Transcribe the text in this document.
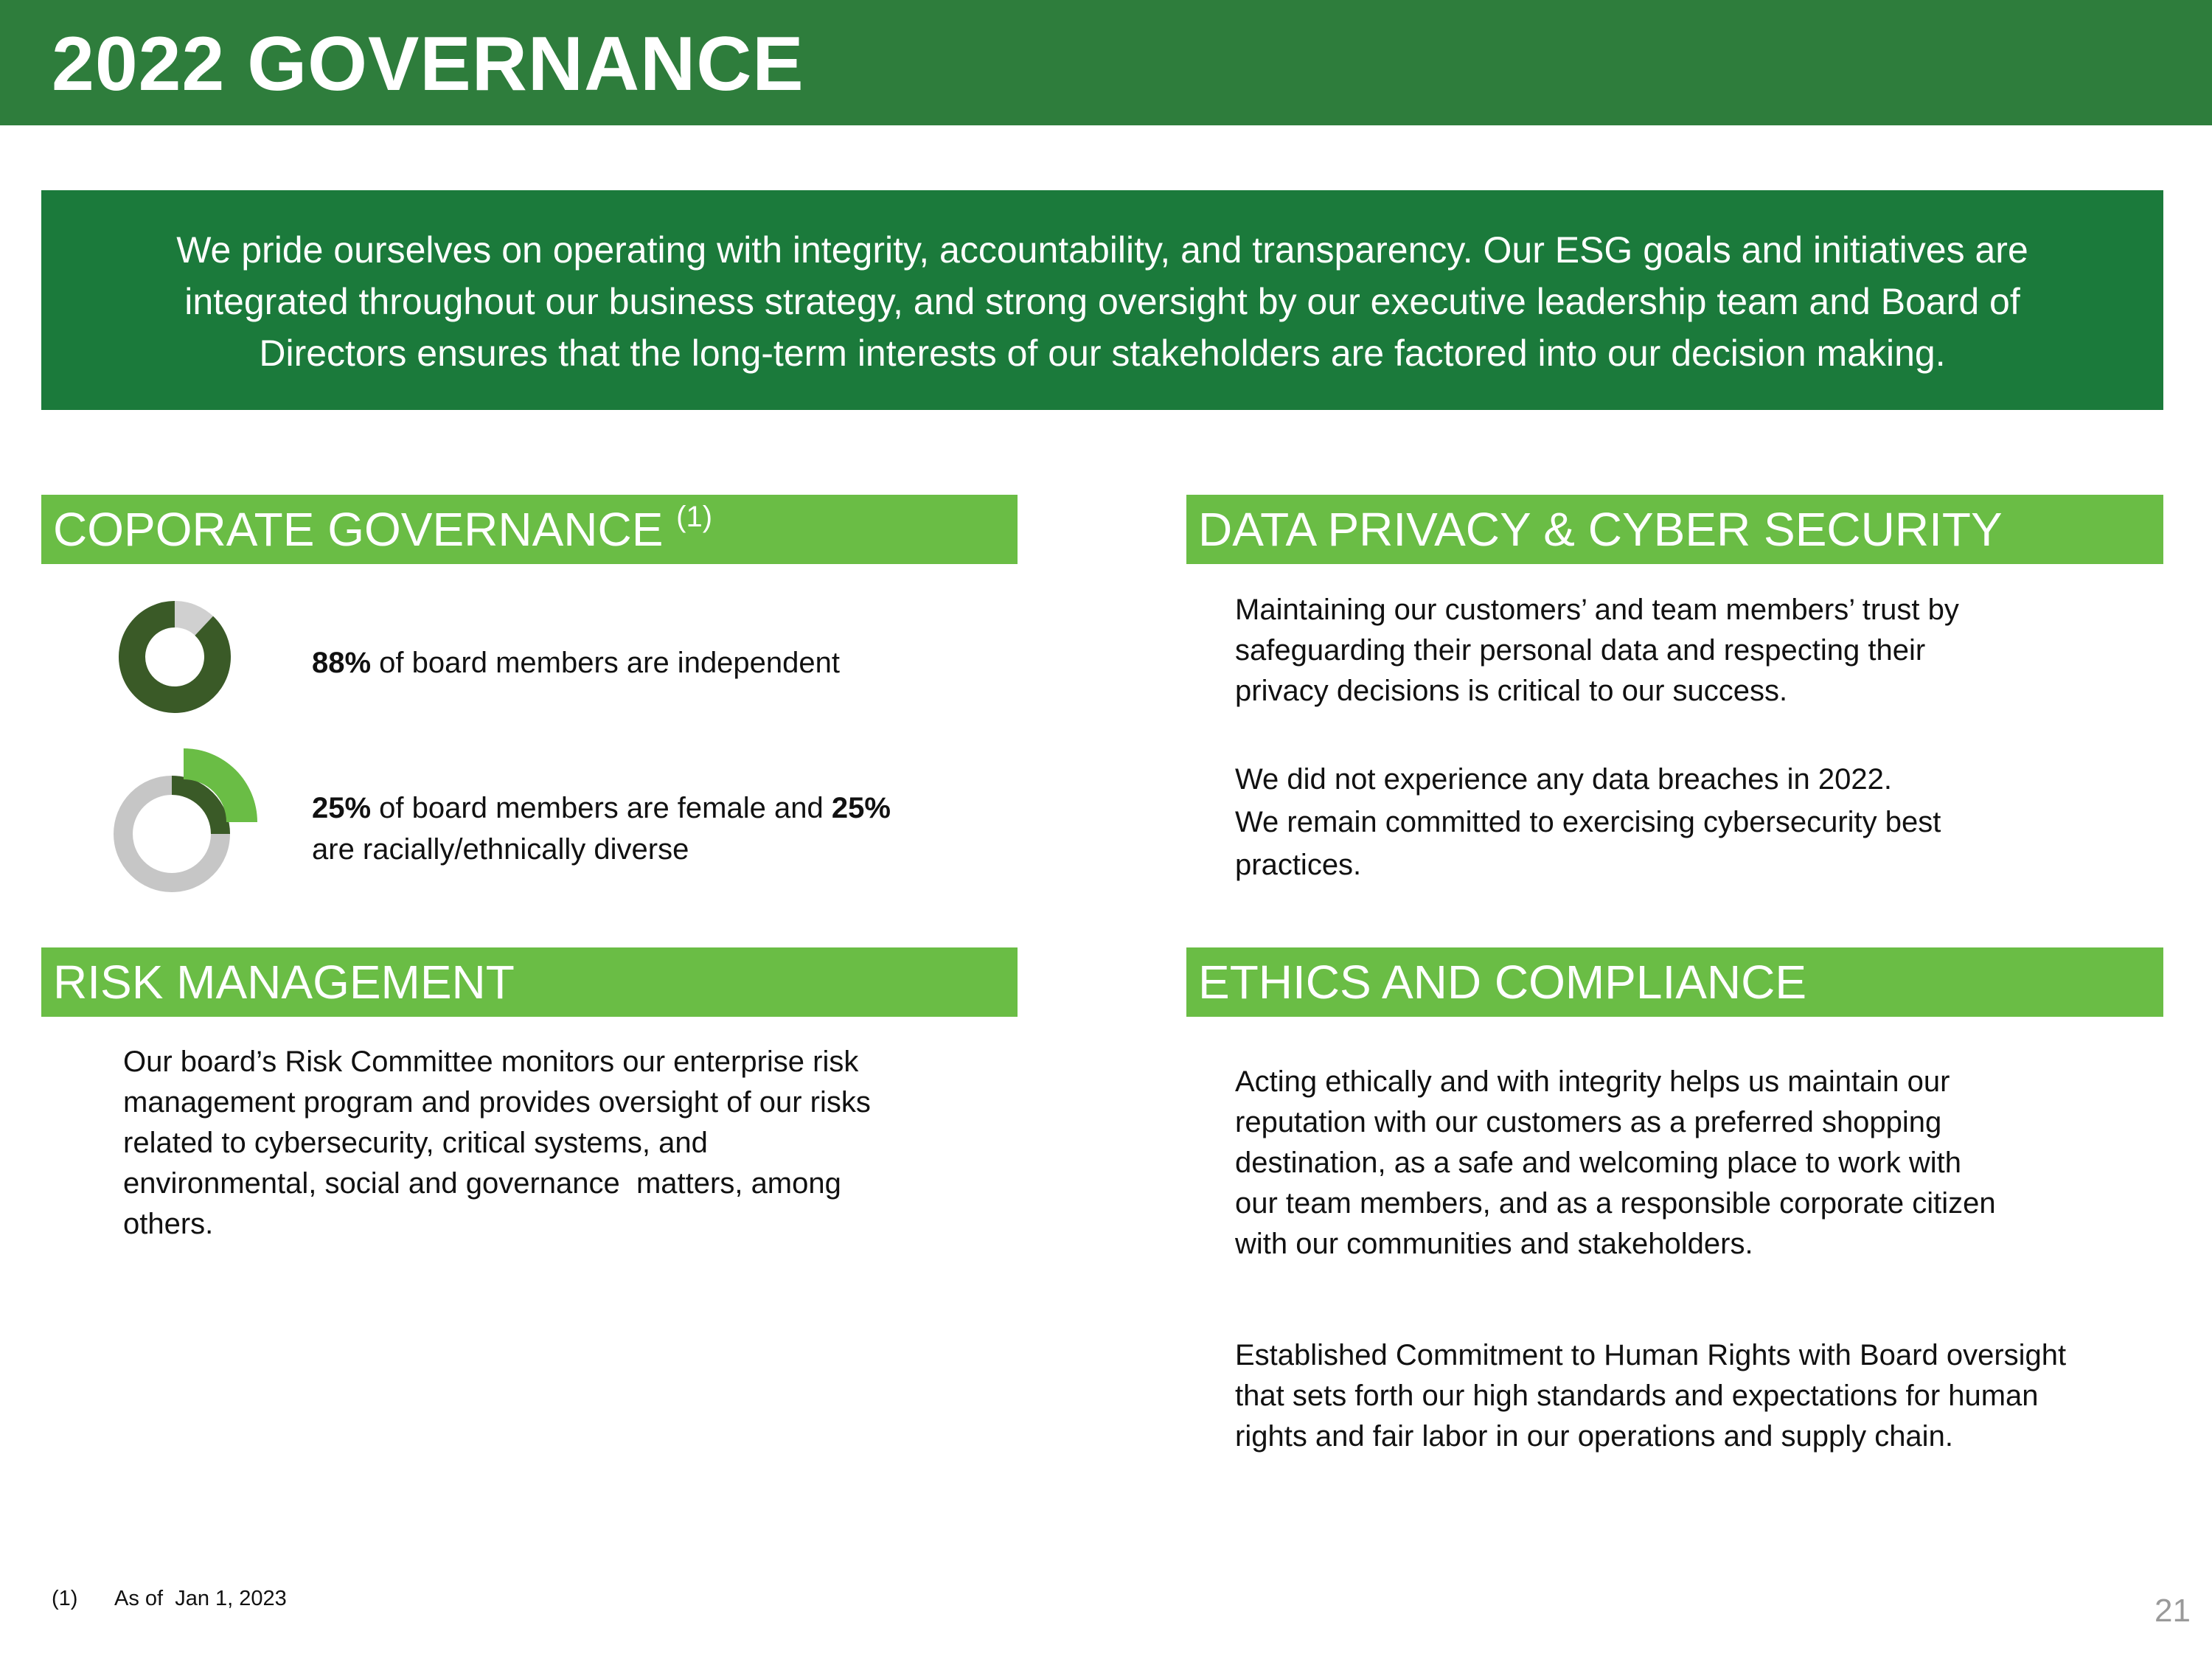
2022 GOVERNANCE
We pride ourselves on operating with integrity, accountability, and transparency. Our ESG goals and initiatives are
integrated throughout our business strategy, and strong oversight by our executive leadership team and Board of
Directors ensures that the long-term interests of our stakeholders are factored into our decision making.
COPORATE GOVERNANCE $^{(1)}$
88% of board members are independent
25% of board members are female and 25%
are racially/ethnically diverse
DATA PRIVACY & CYBER SECURITY

Maintaining our customers’ and team members’ trust by

safeguarding their personal data and respecting their

privacy decisions is critical to our success.

We did not experience any data breaches in 2022.

We remain committed to exercising cybersecurity best

practices.

RISK MANAGEMENT

Our board’s Risk Committee monitors our enterprise risk

management program and provides oversight of our risks

related to cybersecurity, critical systems, and

environmental, social and governance  matters, among

others.

ETHICS AND COMPLIANCE

Acting ethically and with integrity helps us maintain our

reputation with our customers as a preferred shopping

destination, as a safe and welcoming place to work with

our team members, and as a responsible corporate citizen

with our communities and stakeholders.

Established Commitment to Human Rights with Board oversight

that sets forth our high standards and expectations for human

rights and fair labor in our operations and supply chain.

(1) As of  Jan 1, 2023	21
